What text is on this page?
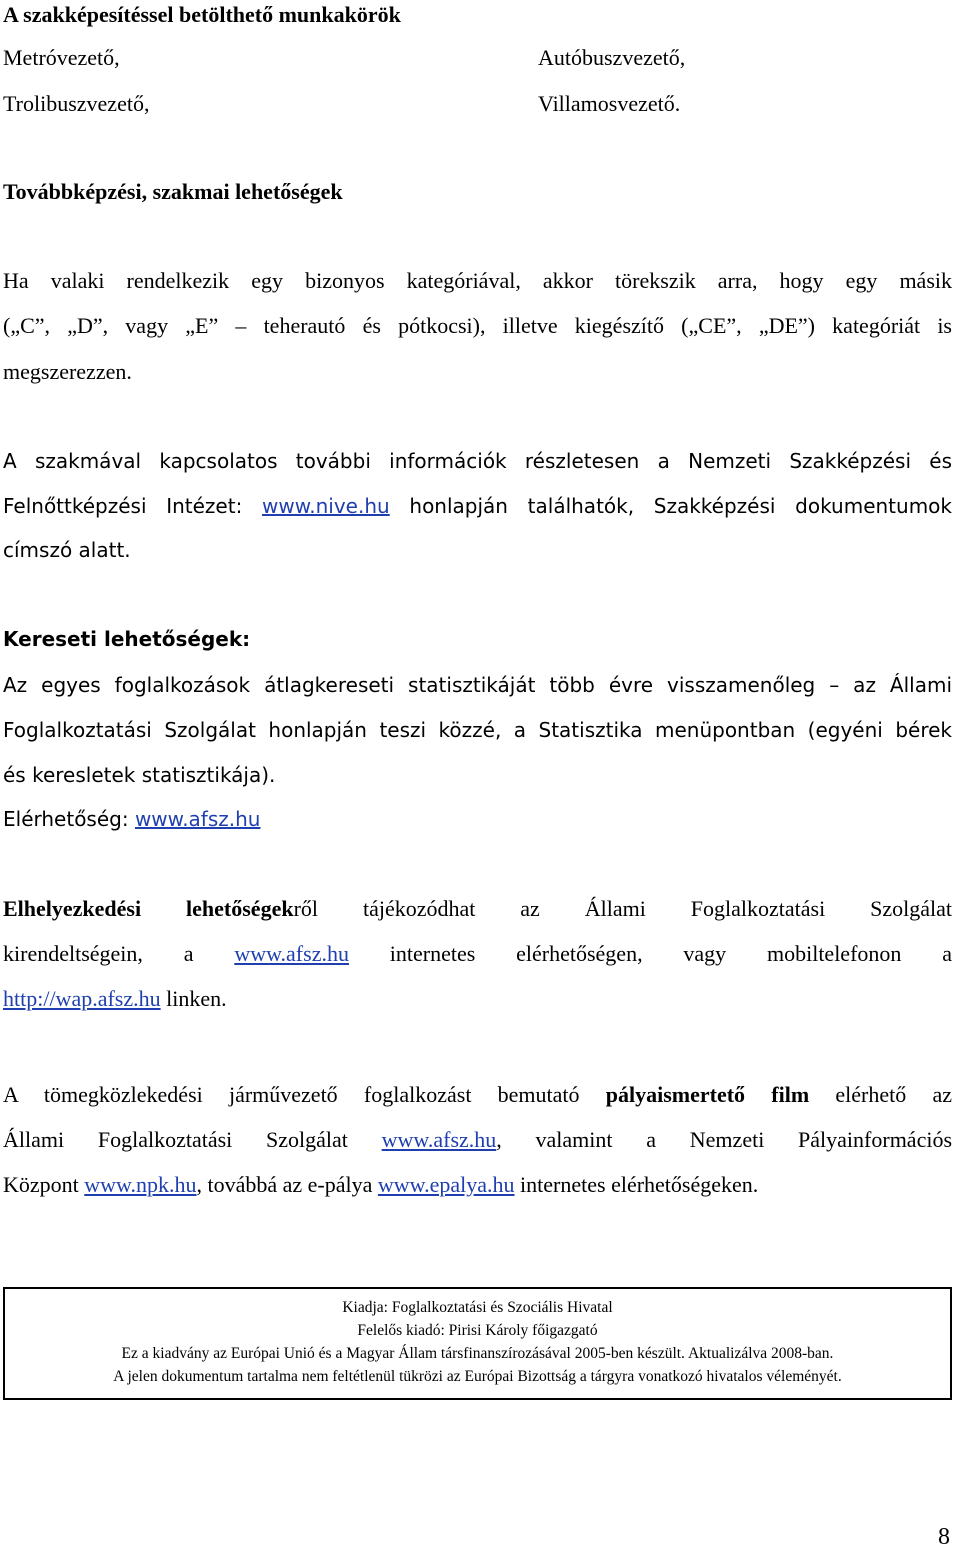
A szakképesítéssel betölthető munkakörök
Metróvezető,	Autóbuszvezető,
Trolibuszvezető,	Villamosvezető.
Továbbképzési, szakmai lehetőségek
Ha valaki rendelkezik egy bizonyos kategóriával, akkor törekszik arra, hogy egy másik
(„C”, „D”, vagy „E” – teherautó és pótkocsi), illetve kiegészítő („CE”, „DE”) kategóriát is
megszerezzen.
A szakmával kapcsolatos további információk részletesen a Nemzeti Szakképzési és
Felnőttképzési Intézet: www.nive.hu honlapján találhatók, Szakképzési dokumentumok
címszó alatt.
Kereseti lehetőségek:
Az egyes foglalkozások átlagkereseti statisztikáját több évre visszamenőleg – az Állami
Foglalkoztatási Szolgálat honlapján teszi közzé, a Statisztika menüpontban (egyéni bérek
és keresletek statisztikája).
Elérhetőség: www.afsz.hu
Elhelyezkedési lehetőségekről tájékozódhat az Állami Foglalkoztatási Szolgálat
kirendeltségein, a www.afsz.hu internetes elérhetőségen, vagy mobiltelefonon a
http://wap.afsz.hu linken.
A tömegközlekedési járművezető foglalkozást bemutató pályaismertető film elérhető az
Állami Foglalkoztatási Szolgálat www.afsz.hu, valamint a Nemzeti Pályainformációs
Központ www.npk.hu, továbbá az e-pálya www.epalya.hu internetes elérhetőségeken.
Kiadja: Foglalkoztatási és Szociális Hivatal
Felelős kiadó: Pirisi Károly főigazgató
Ez a kiadvány az Európai Unió és a Magyar Állam társfinanszírozásával 2005-ben készült. Aktualizálva 2008-ban.
A jelen dokumentum tartalma nem feltétlenül tükrözi az Európai Bizottság a tárgyra vonatkozó hivatalos véleményét.
8
